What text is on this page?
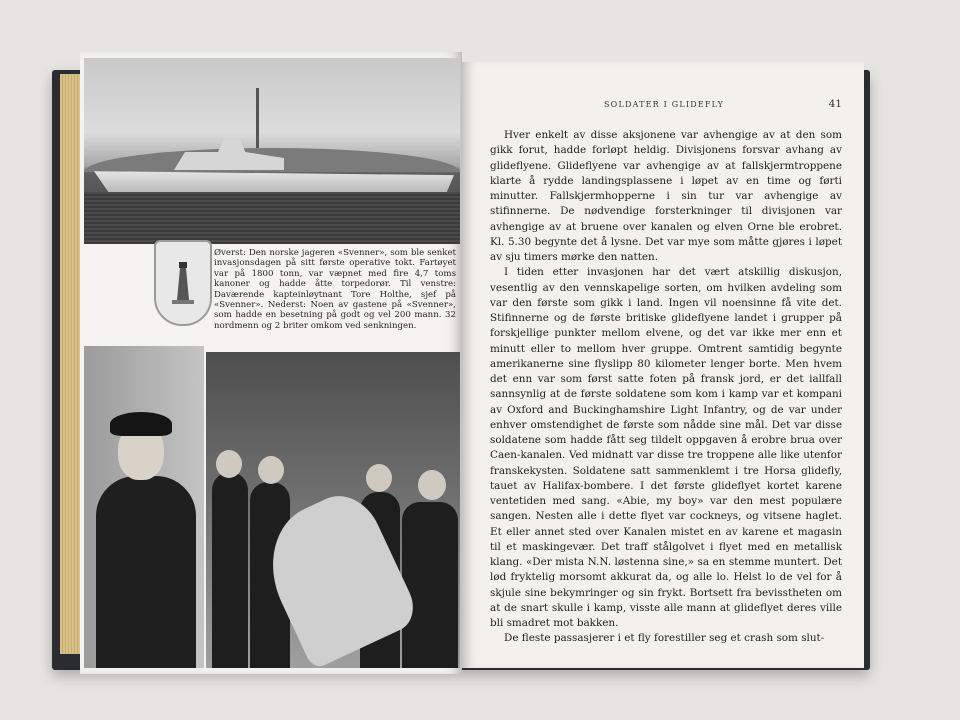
Øverst: Den norske jageren «Svenner», som ble senket invasjonsdagen på sitt første operative tokt. Fartøyet var på 1800 tonn, var væpnet med fire 4,7 toms kanoner og hadde åtte torpedorør. Til venstre: Daværende kapteinløytnant Tore Holthe, sjef på «Svenner». Nederst: Noen av gastene på «Svenner», som hadde en besetning på godt og vel 200 mann. 32 nordmenn og 2 briter omkom ved senkningen.
SOLDATER I GLIDEFLY	41

Hver enkelt av disse aksjonene var avhengige av at den som gikk forut, hadde forløpt heldig. Divisjonens forsvar avhang av glideflyene. Glideflyene var avhengige av at fallskjermtroppene klarte å rydde landingsplassene i løpet av en time og førti minutter. Fallskjermhopperne i sin tur var avhengige av stifinnerne. De nødvendige forsterkninger til divisjonen var avhengige av at bruene over kanalen og elven Orne ble erobret. Kl. 5.30 begynte det å lysne. Det var mye som måtte gjøres i løpet av sju timers mørke den natten.

I tiden etter invasjonen har det vært atskillig diskusjon, vesentlig av den vennskapelige sorten, om hvilken avdeling som var den første som gikk i land. Ingen vil noensinne få vite det. Stifinnerne og de første britiske glideflyene landet i grupper på forskjellige punkter mellom elvene, og det var ikke mer enn et minutt eller to mellom hver gruppe. Omtrent samtidig begynte amerikanerne sine flyslipp 80 kilometer lenger borte. Men hvem det enn var som først satte foten på fransk jord, er det iallfall sannsynlig at de første soldatene som kom i kamp var et kompani av Oxford and Buckinghamshire Light Infantry, og de var under enhver omstendighet de første som nådde sine mål. Det var disse soldatene som hadde fått seg tildelt oppgaven å erobre brua over Caen-kanalen. Ved midnatt var disse tre troppene alle like utenfor franskekysten. Soldatene satt sammenklemt i tre Horsa glidefly, tauet av Halifax-bombere. I det første glideflyet kortet karene ventetiden med sang. «Abie, my boy» var den mest populære sangen. Nesten alle i dette flyet var cockneys, og vitsene haglet. Et eller annet sted over Kanalen mistet en av karene et magasin til et maskingevær. Det traff stålgolvet i flyet med en metallisk klang. «Der mista N.N. løstenna sine,» sa en stemme muntert. Det lød fryktelig morsomt akkurat da, og alle lo. Helst lo de vel for å skjule sine bekymringer og sin frykt. Bortsett fra bevisstheten om at de snart skulle i kamp, visste alle mann at glideflyet deres ville bli smadret mot bakken.

De fleste passasjerer i et fly forestiller seg et crash som slut-
